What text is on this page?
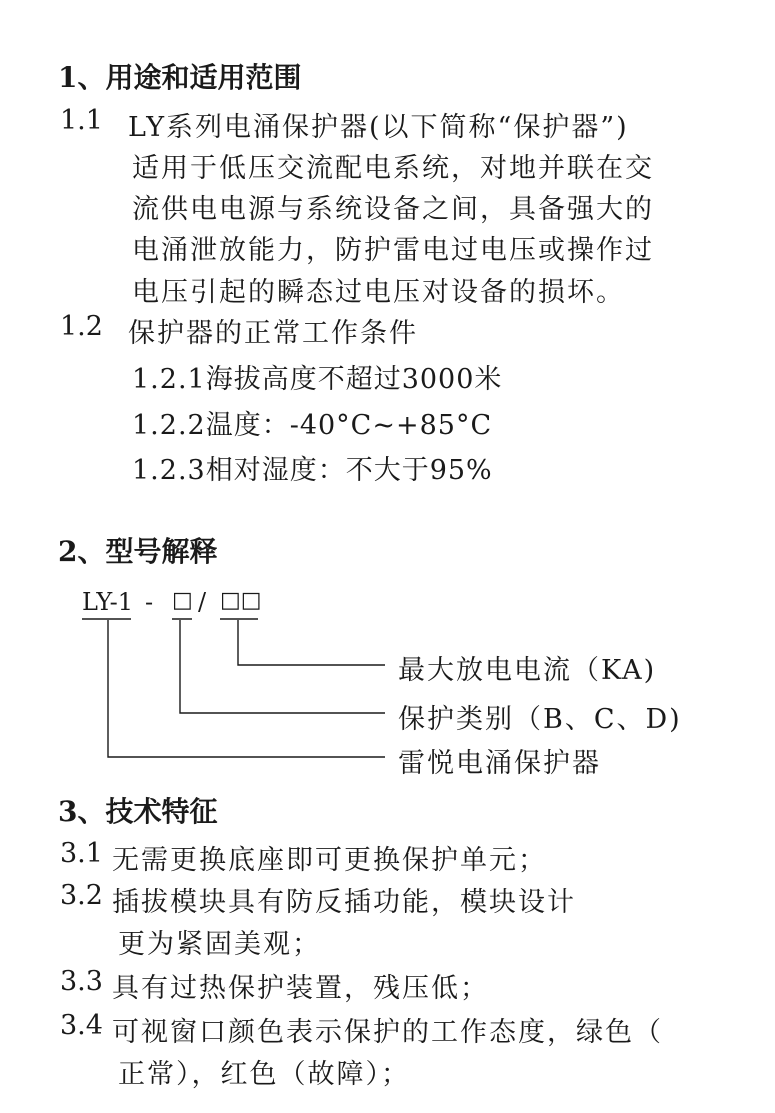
1、用途和适用范围
1.1 LY系列电涌保护器(以下简称“保护器”)
适用于低压交流配电系统，对地并联在交
流供电电源与系统设备之间，具备强大的
电涌泄放能力，防护雷电过电压或操作过
电压引起的瞬态过电压对设备的损坏。
1.2 保护器的正常工作条件
1.2.1海拔高度不超过3000米
1.2.2温度：-40°C~+85°C
1.2.3相对湿度：不大于95%
2、型号解释
LY-1 - □ / □□
最大放电电流（KA)
保护类别（B、C、D)
雷悦电涌保护器
3、技术特征
3.1 无需更换底座即可更换保护单元；
3.2 插拔模块具有防反插功能，模块设计
更为紧固美观；
3.3 具有过热保护装置，残压低；
3.4 可视窗口颜色表示保护的工作态度，绿色（
正常），红色（故障）；
